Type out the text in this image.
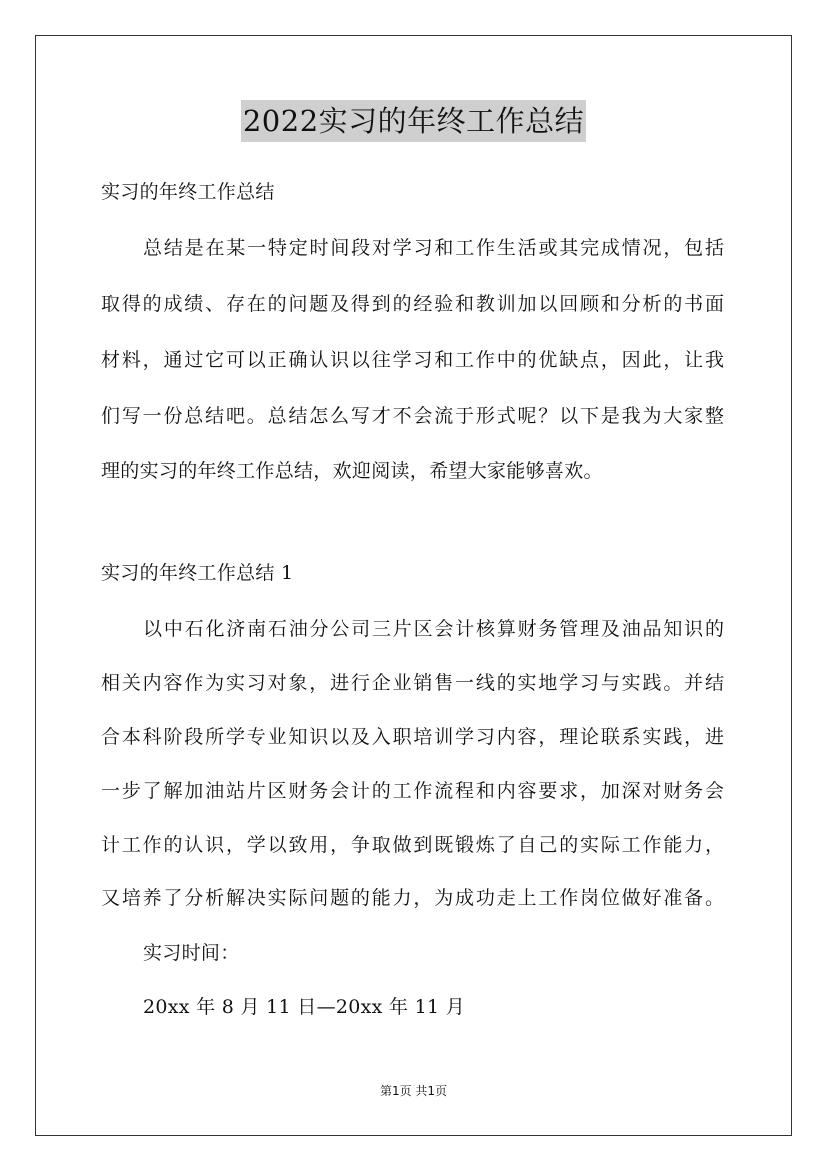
2022实习的年终工作总结
实习的年终工作总结
总结是在某一特定时间段对学习和工作生活或其完成情况，包括
取得的成绩、存在的问题及得到的经验和教训加以回顾和分析的书面
材料，通过它可以正确认识以往学习和工作中的优缺点，因此，让我
们写一份总结吧。总结怎么写才不会流于形式呢？以下是我为大家整
理的实习的年终工作总结，欢迎阅读，希望大家能够喜欢。
实习的年终工作总结 1
以中石化济南石油分公司三片区会计核算财务管理及油品知识的
相关内容作为实习对象，进行企业销售一线的实地学习与实践。并结
合本科阶段所学专业知识以及入职培训学习内容，理论联系实践，进
一步了解加油站片区财务会计的工作流程和内容要求，加深对财务会
计工作的认识，学以致用，争取做到既锻炼了自己的实际工作能力，
又培养了分析解决实际问题的能力，为成功走上工作岗位做好准备。
实习时间：
20xx 年 8 月 11 日—20xx 年 11 月
第1页 共1页
